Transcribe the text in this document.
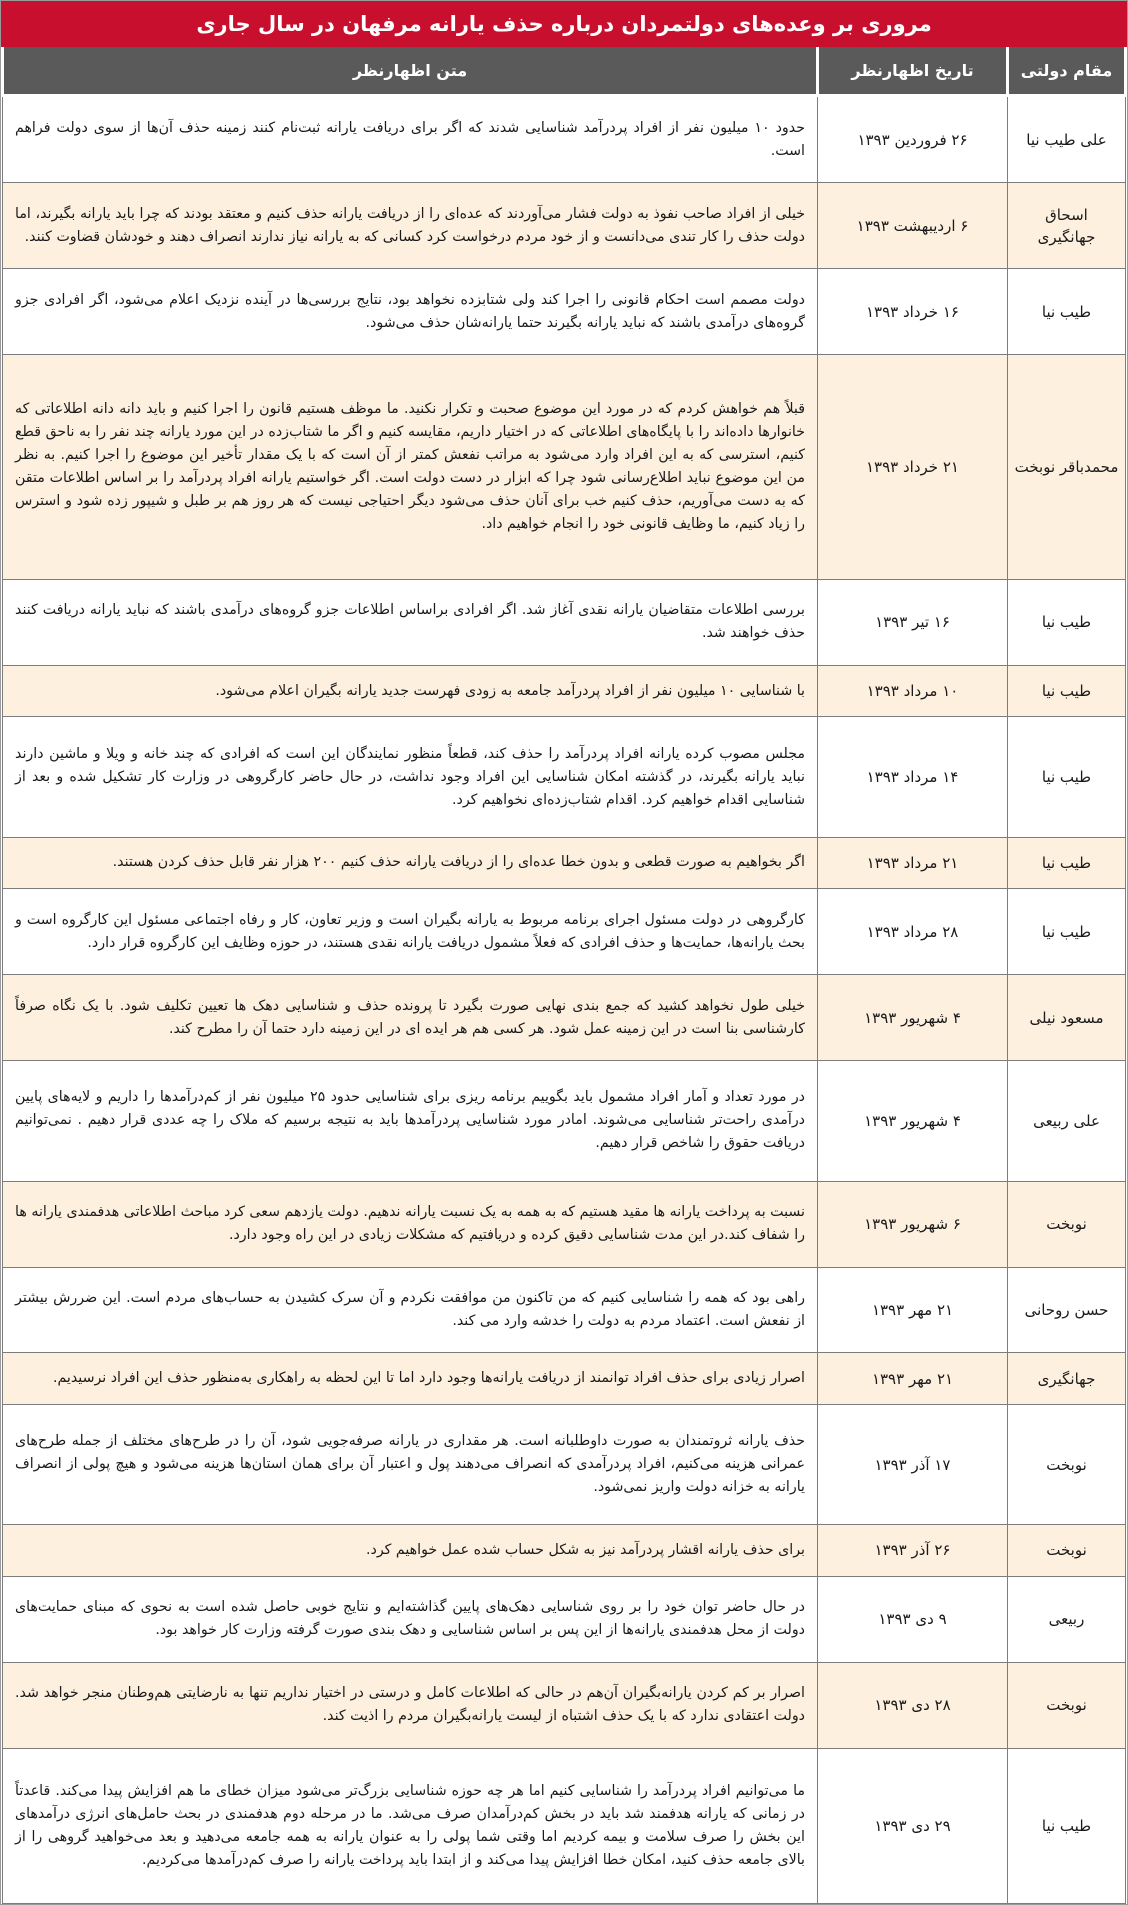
مروری بر وعده‌های دولتمردان درباره حذف یارانه مرفهان در سال جاری
مقام دولتی	تاریخ اظهارنظر	متن اظهارنظر
علی طیب نیا	۲۶ فروردین ۱۳۹۳	حدود ۱۰ میلیون نفر از افراد پردرآمد شناسایی شدند که اگر برای دریافت یارانه ثبت‌نام کنند زمینه حذف آن‌ها از سوی دولت فراهم است.
اسحاق جهانگیری	۶ اردیبهشت ۱۳۹۳	خیلی از افراد صاحب نفوذ به دولت فشار می‌آوردند که عده‌ای را از دریافت یارانه حذف کنیم و معتقد بودند که چرا باید یارانه بگیرند، اما دولت حذف را کار تندی می‌دانست و از خود مردم درخواست کرد کسانی که به یارانه نیاز ندارند انصراف دهند و خودشان قضاوت کنند.
طیب نیا	۱۶ خرداد ۱۳۹۳	دولت مصمم است احکام قانونی را اجرا کند ولی شتابزده نخواهد بود، نتایج بررسی‌ها در آینده نزدیک اعلام می‌شود، اگر افرادی جزو گروه‌های درآمدی باشند که نباید یارانه بگیرند حتما یارانه‌شان حذف می‌شود.
محمدباقر نوبخت	۲۱ خرداد ۱۳۹۳	قبلاً هم خواهش کردم که در مورد این موضوع صحبت و تکرار نکنید. ما موظف هستیم قانون را اجرا کنیم و باید دانه دانه اطلاعاتی که خانوارها داده‌اند را با پایگاه‌های اطلاعاتی که در اختیار داریم، مقایسه کنیم و اگر ما شتاب‌زده در این مورد یارانه چند نفر را به ناحق قطع کنیم، استرسی که به این افراد وارد می‌شود به مراتب نفعش کمتر از آن است که با یک مقدار تأخیر این موضوع را اجرا کنیم. به نظر من این موضوع نباید اطلاع‌رسانی شود چرا که ابزار در دست دولت است. اگر خواستیم یارانه افراد پردرآمد را بر اساس اطلاعات متقن که به دست می‌آوریم، حذف کنیم خب برای آنان حذف می‌شود دیگر احتیاجی نیست که هر روز هم بر طبل و شیپور زده شود و استرس را زیاد کنیم، ما وظایف قانونی خود را انجام خواهیم داد.
طیب نیا	۱۶ تیر ۱۳۹۳	بررسی اطلاعات متقاضیان یارانه نقدی آغاز شد. اگر افرادی براساس اطلاعات جزو گروه‌های درآمدی باشند که نباید یارانه دریافت کنند حذف خواهند شد.
طیب نیا	۱۰ مرداد ۱۳۹۳	با شناسایی ۱۰ میلیون نفر از افراد پردرآمد جامعه به زودی فهرست جدید یارانه بگیران اعلام می‌شود.
طیب نیا	۱۴ مرداد ۱۳۹۳	مجلس مصوب کرده یارانه افراد پردرآمد را حذف کند، قطعاً منظور نمایندگان این است که افرادی که چند خانه و ویلا و ماشین دارند نباید یارانه بگیرند، در گذشته امکان شناسایی این افراد وجود نداشت، در حال حاضر کارگروهی در وزارت کار تشکیل شده و بعد از شناسایی اقدام خواهیم کرد. اقدام شتاب‌زده‌ای نخواهیم کرد.
طیب نیا	۲۱ مرداد ۱۳۹۳	اگر بخواهیم به صورت قطعی و بدون خطا عده‌ای را از دریافت یارانه حذف کنیم ۲۰۰ هزار نفر قابل حذف کردن هستند.
طیب نیا	۲۸ مرداد ۱۳۹۳	کارگروهی در دولت مسئول اجرای برنامه مربوط به یارانه بگیران است و وزیر تعاون، کار و رفاه اجتماعی مسئول این کارگروه است و بحث یارانه‌ها، حمایت‌ها و حذف افرادی که فعلاً مشمول دریافت یارانه نقدی هستند، در حوزه وظایف این کارگروه قرار دارد.
مسعود نیلی	۴ شهریور ۱۳۹۳	خیلی طول نخواهد کشید که جمع بندی نهایی صورت بگیرد تا پرونده حذف و شناسایی دهک ها تعیین تکلیف شود. با یک نگاه صرفاً کارشناسی بنا است در این زمینه عمل شود. هر کسی هم هر ایده ای در این زمینه دارد حتما آن را مطرح کند.
علی ربیعی	۴ شهریور ۱۳۹۳	در مورد تعداد و آمار افراد مشمول باید بگوییم برنامه ریزی برای شناسایی حدود ۲۵ میلیون نفر از کم‌درآمدها را داریم و لایه‌های پایین درآمدی راحت‌تر شناسایی می‌شوند. امادر مورد شناسایی پردرآمدها باید به نتیجه برسیم که ملاک را چه عددی قرار دهیم . نمی‌توانیم دریافت حقوق را شاخص قرار دهیم.
نوبخت	۶ شهریور ۱۳۹۳	نسبت به پرداخت یارانه ها مقید هستیم که به همه به یک نسبت یارانه ندهیم. دولت یازدهم سعی کرد مباحث اطلاعاتی هدفمندی یارانه ها را شفاف کند.در این مدت شناسایی دقیق کرده و دریافتیم که مشکلات زیادی در این راه وجود دارد.
حسن روحانی	۲۱ مهر ۱۳۹۳	راهی بود که همه را شناسایی کنیم که من تاکنون من موافقت نکردم و آن سرک کشیدن به حساب‌های مردم است. این ضررش بیشتر از نفعش است. اعتماد مردم به دولت را خدشه وارد می کند.
جهانگیری	۲۱ مهر ۱۳۹۳	اصرار زیادی برای حذف افراد توانمند از دریافت یارانه‌ها وجود دارد اما تا این لحظه به راهکاری به‌منظور حذف این افراد نرسیدیم.
نوبخت	۱۷ آذر ۱۳۹۳	حذف یارانه ثروتمندان به صورت داوطلبانه است. هر مقداری در یارانه صرفه‌جویی شود، آن را در طرح‌های مختلف از جمله طرح‌های عمرانی هزینه می‌کنیم، افراد پردرآمدی که انصراف می‌دهند پول و اعتبار آن برای همان استان‌ها هزینه می‌شود و هیچ پولی از انصراف یارانه به خزانه دولت واریز نمی‌شود.
نوبخت	۲۶ آذر ۱۳۹۳	برای حذف یارانه اقشار پردرآمد نیز به شکل حساب شده عمل خواهیم کرد.
ربیعی	۹ دی ۱۳۹۳	در حال حاضر توان خود را بر روی شناسایی دهک‌های پایین گذاشته‌ایم و نتایج خوبی حاصل شده است به نحوی که مبنای حمایت‌های دولت از محل هدفمندی یارانه‌ها از این پس بر اساس شناسایی و دهک بندی صورت گرفته وزارت کار خواهد بود.
نوبخت	۲۸ دی ۱۳۹۳	اصرار بر کم کردن یارانه‌بگیران آن‌هم در حالی که اطلاعات کامل و درستی در اختیار نداریم تنها به نارضایتی هم‌وطنان منجر خواهد شد. دولت اعتقادی ندارد که با یک حذف اشتباه از لیست یارانه‌بگیران مردم را اذیت کند.
طیب نیا	۲۹ دی ۱۳۹۳	ما می‌توانیم افراد پردرآمد را شناسایی کنیم اما هر چه حوزه شناسایی بزرگ‌تر می‌شود میزان خطای ما هم افزایش پیدا می‌کند. قاعدتاً در زمانی که یارانه هدفمند شد باید در بخش کم‌درآمدان صرف می‌شد. ما در مرحله دوم هدفمندی در بحث حامل‌های انرژی درآمدهای این بخش را صرف سلامت و بیمه کردیم اما وقتی شما پولی را به عنوان یارانه به همه جامعه می‌دهید و بعد می‌خواهید گروهی را از بالای جامعه حذف کنید، امکان خطا افزایش پیدا می‌کند و از ابتدا باید پرداخت یارانه را صرف کم‌درآمدها می‌کردیم.
